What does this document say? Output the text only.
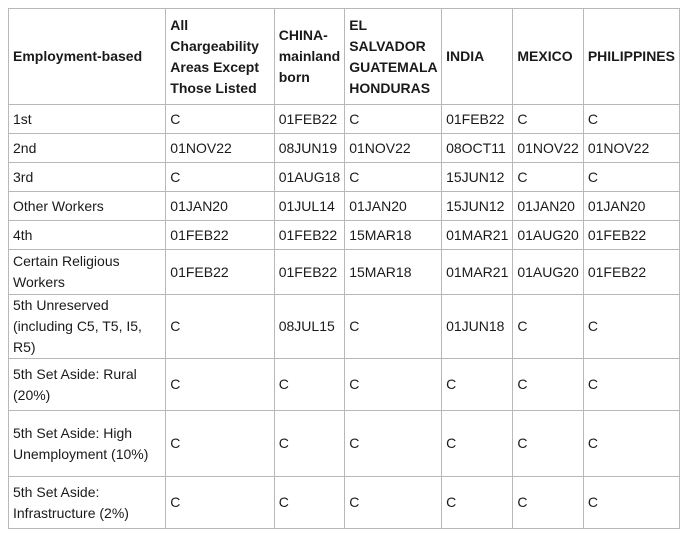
Employment-based	All Chargeability Areas Except Those Listed	CHINA-mainland born	EL SALVADOR GUATEMALA HONDURAS	INDIA	MEXICO	PHILIPPINES
1st	C	01FEB22	C	01FEB22	C	C
2nd	01NOV22	08JUN19	01NOV22	08OCT11	01NOV22	01NOV22
3rd	C	01AUG18	C	15JUN12	C	C
Other Workers	01JAN20	01JUL14	01JAN20	15JUN12	01JAN20	01JAN20
4th	01FEB22	01FEB22	15MAR18	01MAR21	01AUG20	01FEB22
Certain Religious Workers	01FEB22	01FEB22	15MAR18	01MAR21	01AUG20	01FEB22
5th Unreserved (including C5, T5, I5, R5)	C	08JUL15	C	01JUN18	C	C
5th Set Aside: Rural (20%)	C	C	C	C	C	C
5th Set Aside: High Unemployment (10%)	C	C	C	C	C	C
5th Set Aside: Infrastructure (2%)	C	C	C	C	C	C
